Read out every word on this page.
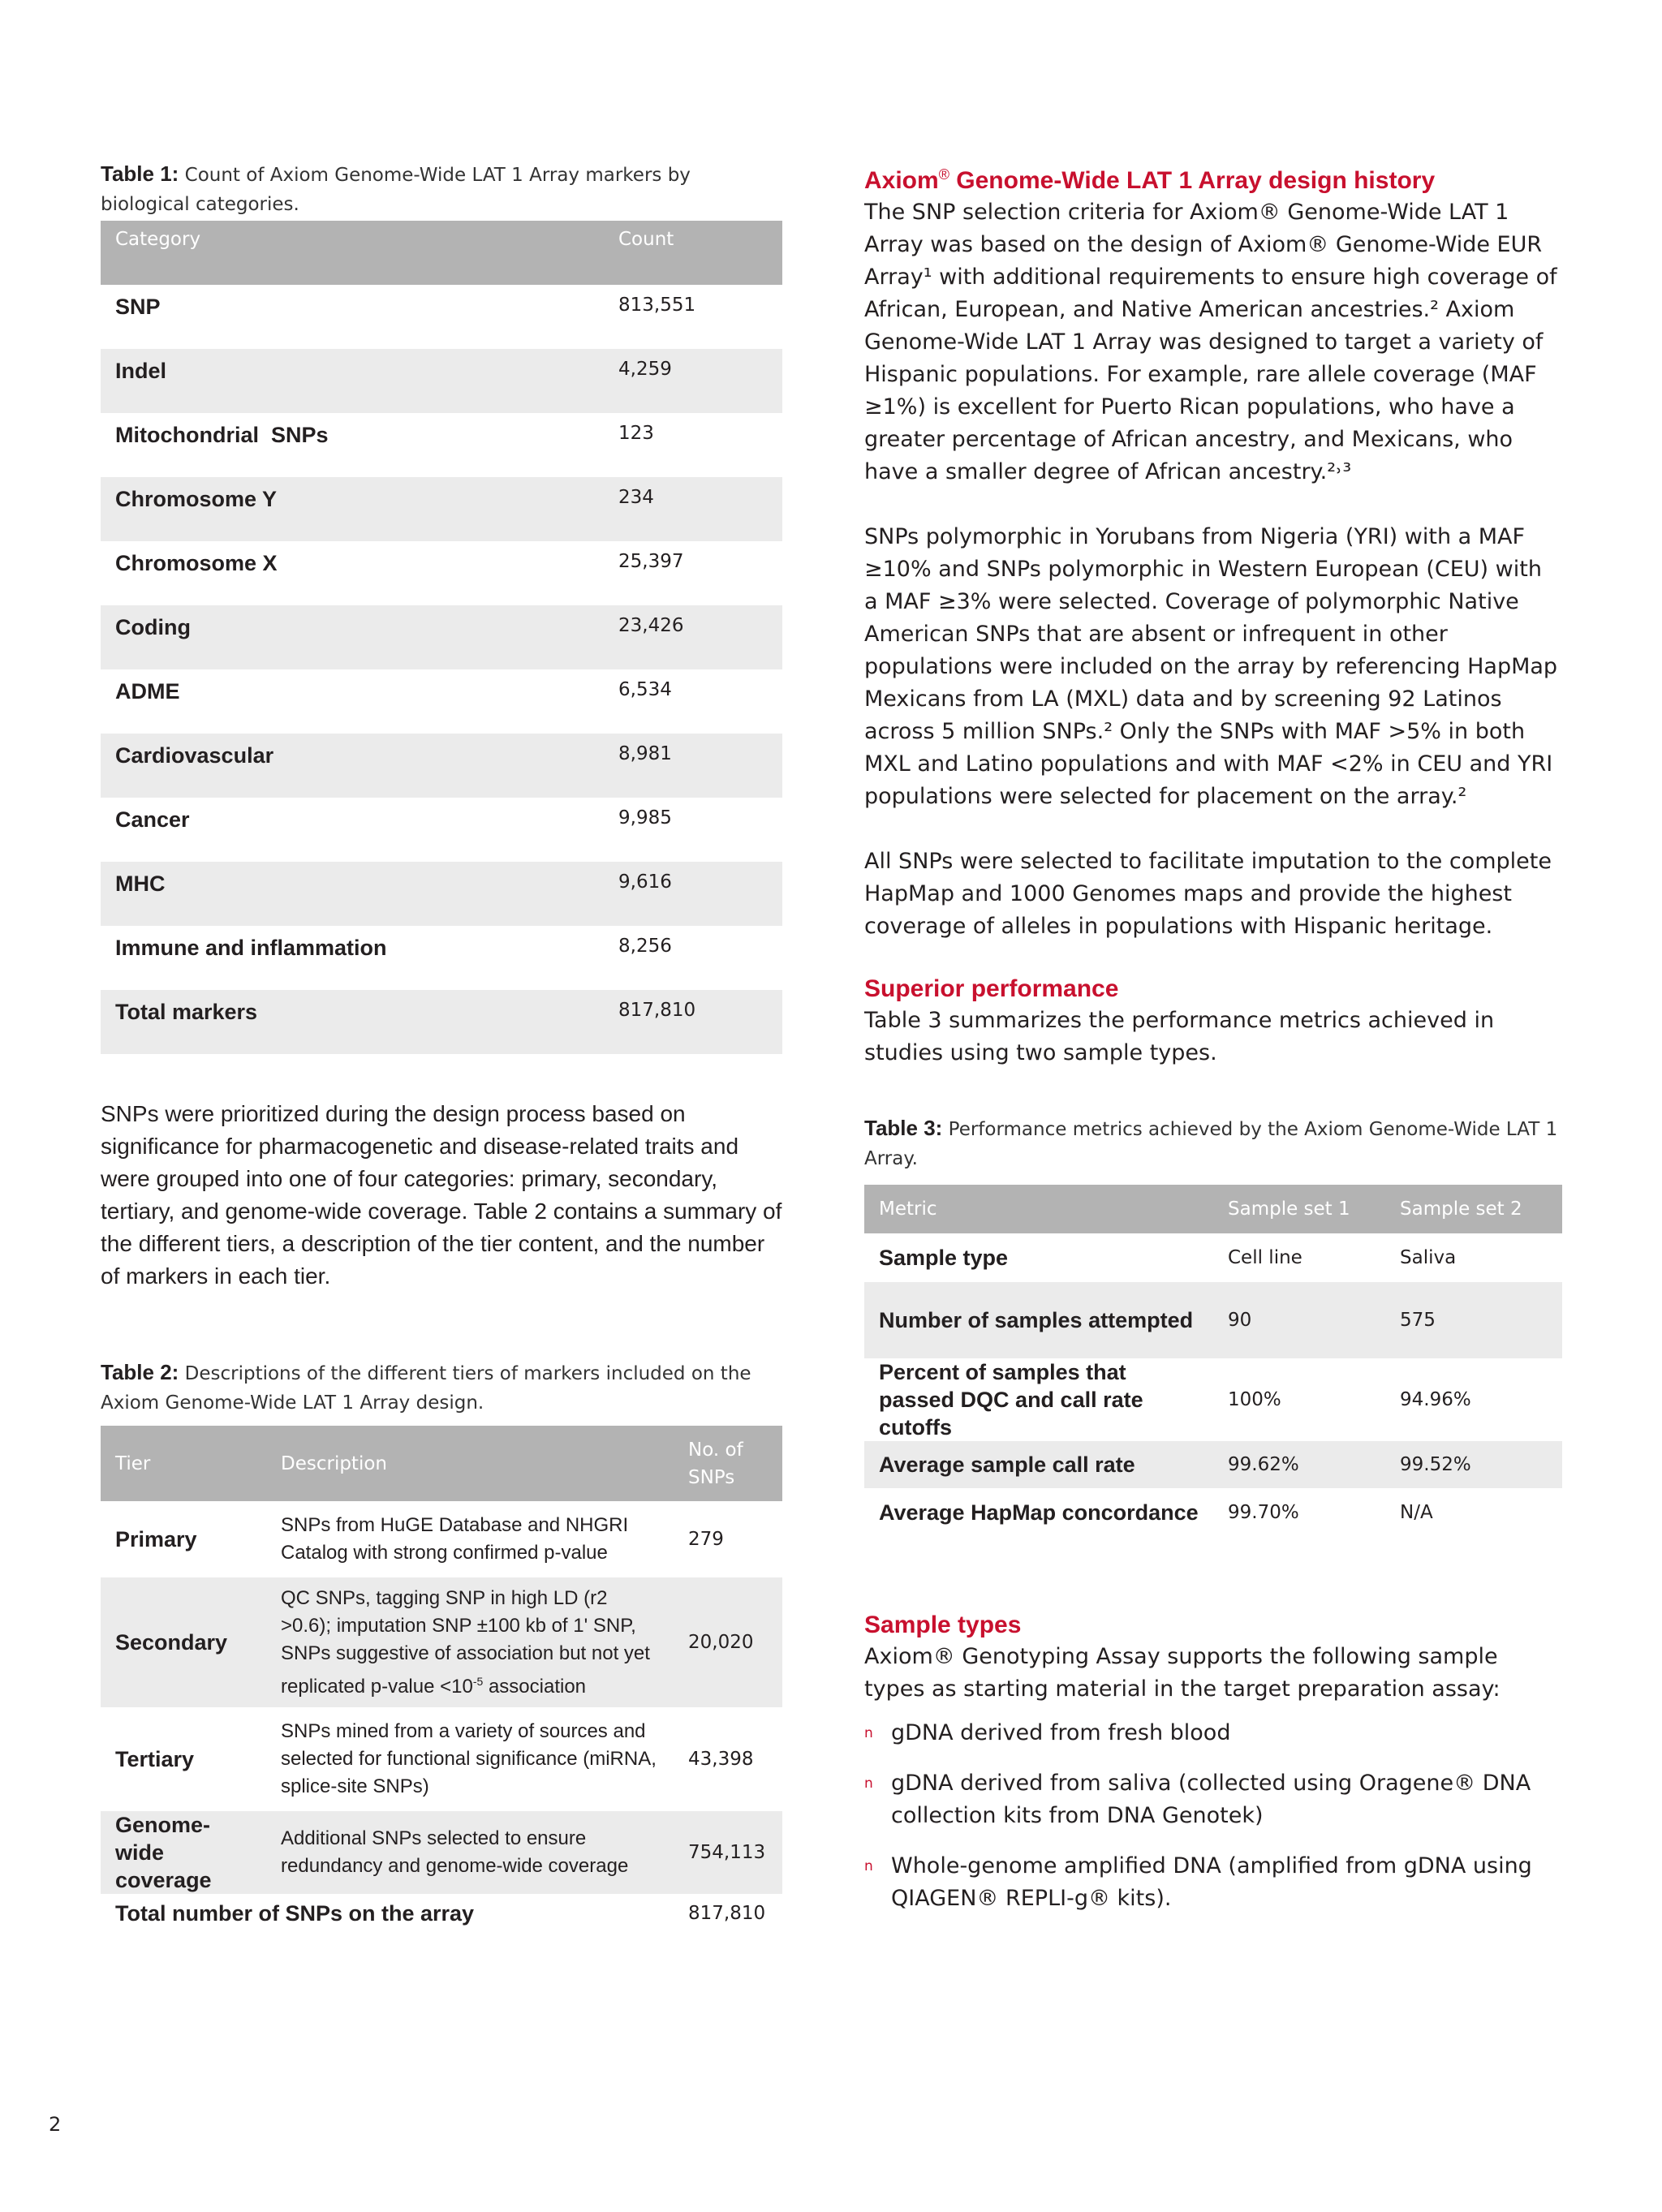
Table 1: Count of Axiom Genome-Wide LAT 1 Array markers by biological categories.
Category	Count
SNP	813,551
Indel	4,259
Mitochondrial  SNPs	123
Chromosome Y	234
Chromosome X	25,397
Coding	23,426
ADME	6,534
Cardiovascular	8,981
Cancer	9,985
MHC	9,616
Immune and inflammation	8,256
Total markers	817,810

SNPs were prioritized during the design process based on significance for pharmacogenetic and disease-related traits and were grouped into one of four categories: primary, secondary, tertiary, and genome-wide coverage. Table 2 contains a summary of the different tiers, a description of the tier content, and the number of markers in each tier.

Table 2: Descriptions of the different tiers of markers included on the Axiom Genome-Wide LAT 1 Array design.
Tier	Description	No. of SNPs
Primary	SNPs from HuGE Database and NHGRI Catalog with strong confirmed p-value	279
Secondary	QC SNPs, tagging SNP in high LD (r2 >0.6); imputation SNP ±100 kb of 1' SNP, SNPs suggestive of association but not yet replicated p-value $<10^{-5}$ association	20,020
Tertiary	SNPs mined from a variety of sources and selected for functional significance (miRNA, splice-site SNPs)	43,398
Genome-wide coverage	Additional SNPs selected to ensure redundancy and genome-wide coverage	754,113
Total number of SNPs on the array		817,810
Axiom® Genome-Wide LAT 1 Array design history
The SNP selection criteria for Axiom® Genome-Wide LAT 1 Array was based on the design of Axiom® Genome-Wide EUR Array¹ with additional requirements to ensure high coverage of African, European, and Native American ancestries.² Axiom Genome-Wide LAT 1 Array was designed to target a variety of Hispanic populations. For example, rare allele coverage (MAF ≥1%) is excellent for Puerto Rican populations, who have a greater percentage of African ancestry, and Mexicans, who have a smaller degree of African ancestry.²˒³
SNPs polymorphic in Yorubans from Nigeria (YRI) with a MAF ≥10% and SNPs polymorphic in Western European (CEU) with a MAF ≥3% were selected. Coverage of polymorphic Native American SNPs that are absent or infrequent in other populations were included on the array by referencing HapMap Mexicans from LA (MXL) data and by screening 92 Latinos across 5 million SNPs.² Only the SNPs with MAF >5% in both MXL and Latino populations and with MAF <2% in CEU and YRI populations were selected for placement on the array.²
All SNPs were selected to facilitate imputation to the complete HapMap and 1000 Genomes maps and provide the highest coverage of alleles in populations with Hispanic heritage.
Superior performance
Table 3 summarizes the performance metrics achieved in studies using two sample types.
Table 3: Performance metrics achieved by the Axiom Genome-Wide LAT 1 Array.
Metric	Sample set 1	Sample set 2
Sample type	Cell line	Saliva
Number of samples attempted	90	575
Percent of samples that passed DQC and call rate cutoffs	100%	94.96%
Average sample call rate	99.62%	99.52%
Average HapMap concordance	99.70%	N/A
Sample types
Axiom® Genotyping Assay supports the following sample types as starting material in the target preparation assay:
n gDNA derived from fresh blood
n gDNA derived from saliva (collected using Oragene® DNA collection kits from DNA Genotek)
n Whole-genome amplified DNA (amplified from gDNA using QIAGEN® REPLI-g® kits).
2
